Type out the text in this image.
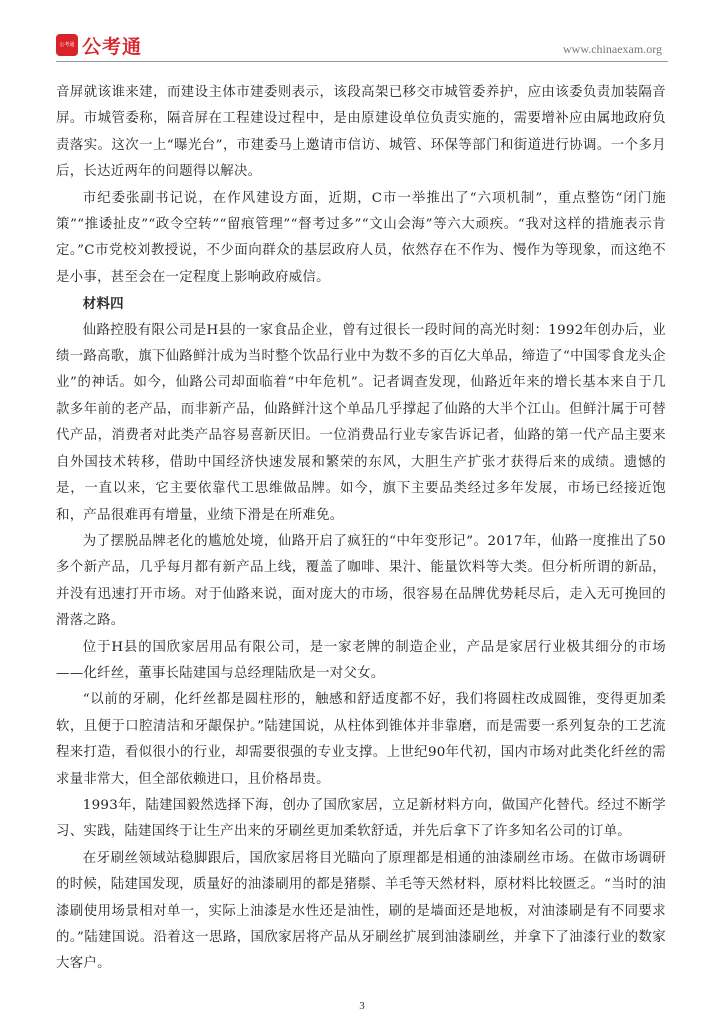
公考通 公考通	www.chinaexam.org

音屏就该谁来建，而建设主体市建委则表示，该段高架已移交市城管委养护，应由该委负责加装隔音屏。市城管委称，隔音屏在工程建设过程中，是由原建设单位负责实施的，需要增补应由属地政府负责落实。这次一上“曝光台”，市建委马上邀请市信访、城管、环保等部门和街道进行协调。一个多月后，长达近两年的问题得以解决。

市纪委张副书记说，在作风建设方面，近期，C市一举推出了“六项机制”，重点整饬“闭门施策”“推诿扯皮”“政令空转”“留痕管理”“督考过多”“文山会海”等六大顽疾。“我对这样的措施表示肯定。”C市党校刘教授说，不少面向群众的基层政府人员，依然存在不作为、慢作为等现象，而这绝不是小事，甚至会在一定程度上影响政府威信。

材料四

仙路控股有限公司是H县的一家食品企业，曾有过很长一段时间的高光时刻：1992年创办后，业绩一路高歌，旗下仙路鲜汁成为当时整个饮品行业中为数不多的百亿大单品，缔造了“中国零食龙头企业”的神话。如今，仙路公司却面临着“中年危机”。记者调查发现，仙路近年来的增长基本来自于几款多年前的老产品，而非新产品，仙路鲜汁这个单品几乎撑起了仙路的大半个江山。但鲜汁属于可替代产品，消费者对此类产品容易喜新厌旧。一位消费品行业专家告诉记者，仙路的第一代产品主要来自外国技术转移，借助中国经济快速发展和繁荣的东风，大胆生产扩张才获得后来的成绩。遗憾的是，一直以来，它主要依靠代工思维做品牌。如今，旗下主要品类经过多年发展，市场已经接近饱和，产品很难再有增量，业绩下滑是在所难免。

为了摆脱品牌老化的尴尬处境，仙路开启了疯狂的“中年变形记”。2017年，仙路一度推出了50多个新产品，几乎每月都有新产品上线，覆盖了咖啡、果汁、能量饮料等大类。但分析所谓的新品，并没有迅速打开市场。对于仙路来说，面对庞大的市场，很容易在品牌优势耗尽后，走入无可挽回的滑落之路。

位于H县的国欣家居用品有限公司，是一家老牌的制造企业，产品是家居行业极其细分的市场——化纤丝，董事长陆建国与总经理陆欣是一对父女。

“以前的牙刷，化纤丝都是圆柱形的，触感和舒适度都不好，我们将圆柱改成圆锥，变得更加柔软，且便于口腔清洁和牙龈保护。”陆建国说，从柱体到锥体并非靠磨，而是需要一系列复杂的工艺流程来打造，看似很小的行业，却需要很强的专业支撑。上世纪90年代初，国内市场对此类化纤丝的需求量非常大，但全部依赖进口，且价格昂贵。

1993年，陆建国毅然选择下海，创办了国欣家居，立足新材料方向，做国产化替代。经过不断学习、实践，陆建国终于让生产出来的牙刷丝更加柔软舒适，并先后拿下了许多知名公司的订单。

在牙刷丝领域站稳脚跟后，国欣家居将目光瞄向了原理都是相通的油漆刷丝市场。在做市场调研的时候，陆建国发现，质量好的油漆刷用的都是猪鬃、羊毛等天然材料，原材料比较匮乏。“当时的油漆刷使用场景相对单一，实际上油漆是水性还是油性，刷的是墙面还是地板，对油漆刷是有不同要求的。”陆建国说。沿着这一思路，国欣家居将产品从牙刷丝扩展到油漆刷丝，并拿下了油漆行业的数家大客户。

3
